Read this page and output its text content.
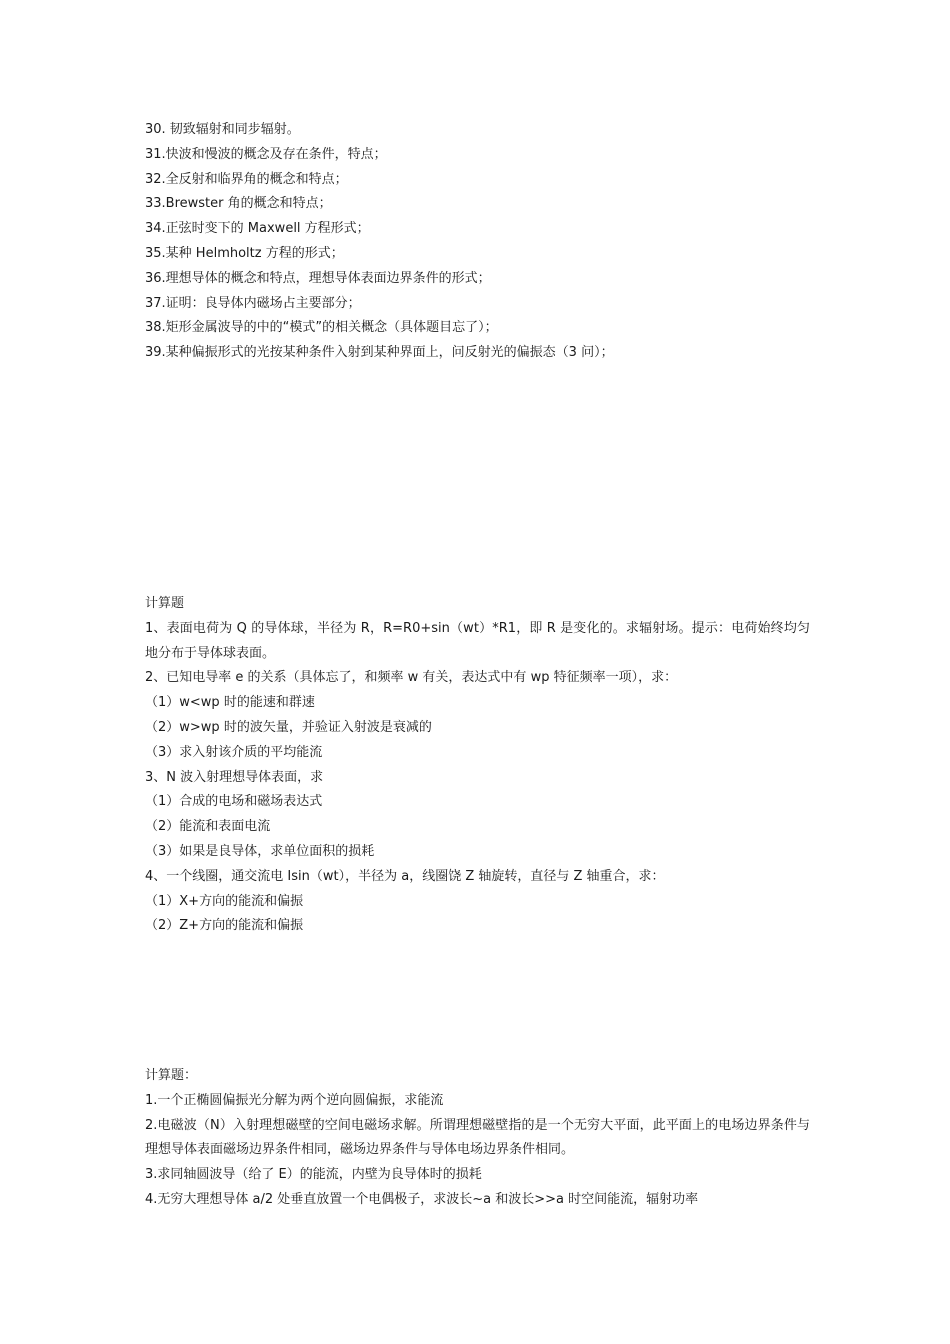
30. 韧致辐射和同步辐射。
31.快波和慢波的概念及存在条件，特点；
32.全反射和临界角的概念和特点；
33.Brewster 角的概念和特点；
34.正弦时变下的 Maxwell 方程形式；
35.某种 Helmholtz 方程的形式；
36.理想导体的概念和特点，理想导体表面边界条件的形式；
37.证明：良导体内磁场占主要部分；
38.矩形金属波导的中的“模式”的相关概念（具体题目忘了）；
39.某种偏振形式的光按某种条件入射到某种界面上，问反射光的偏振态（3 问）；
计算题
1、表面电荷为 Q 的导体球，半径为 R，R=R0+sin（wt）*R1，即 R 是变化的。求辐射场。提示：电荷始终均匀地分布于导体球表面。
2、已知电导率 e 的关系（具体忘了，和频率 w 有关，表达式中有 wp 特征频率一项），求：
（1）w<wp 时的能速和群速
（2）w>wp 时的波矢量，并验证入射波是衰减的
（3）求入射该介质的平均能流
3、N 波入射理想导体表面，求
（1）合成的电场和磁场表达式
（2）能流和表面电流
（3）如果是良导体，求单位面积的损耗
4、一个线圈，通交流电 Isin（wt），半径为 a，线圈饶 Z 轴旋转，直径与 Z 轴重合，求：
（1）X+方向的能流和偏振
（2）Z+方向的能流和偏振
计算题：
1.一个正椭圆偏振光分解为两个逆向圆偏振，求能流
2.电磁波（N）入射理想磁壁的空间电磁场求解。所谓理想磁壁指的是一个无穷大平面，此平面上的电场边界条件与理想导体表面磁场边界条件相同，磁场边界条件与导体电场边界条件相同。
3.求同轴圆波导（给了 E）的能流，内壁为良导体时的损耗
4.无穷大理想导体 a/2 处垂直放置一个电偶极子，求波长~a 和波长>>a 时空间能流，辐射功率
